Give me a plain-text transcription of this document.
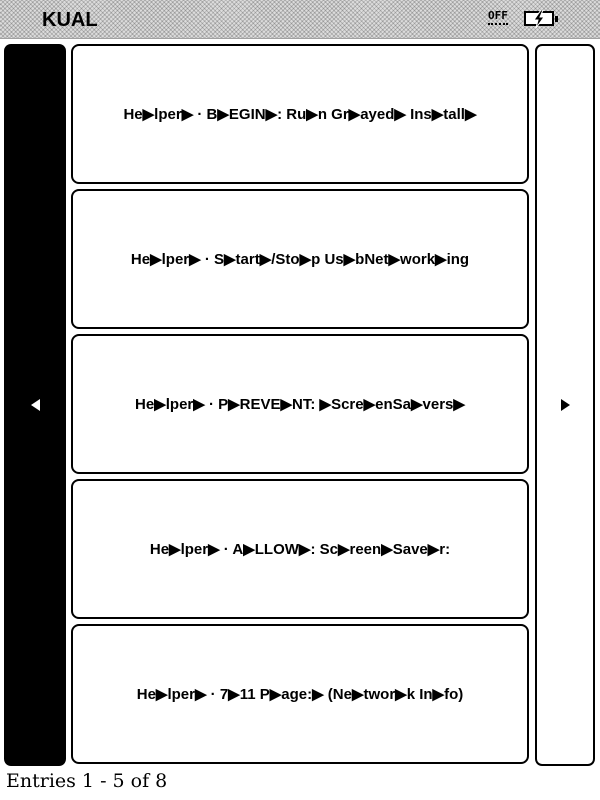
KUAL	OFF
He▶lper▶ · B▶EGIN▶: Ru▶n Gr▶ayed▶ Ins▶tall▶
He▶lper▶ · S▶tart▶/Sto▶p Us▶bNet▶work▶ing
He▶lper▶ · P▶REVE▶NT: ▶Scre▶enSa▶vers▶
He▶lper▶ · A▶LLOW▶: Sc▶reen▶Save▶r:
He▶lper▶ · 7▶11 P▶age:▶ (Ne▶twor▶k In▶fo)
Entries 1 - 5 of 8
